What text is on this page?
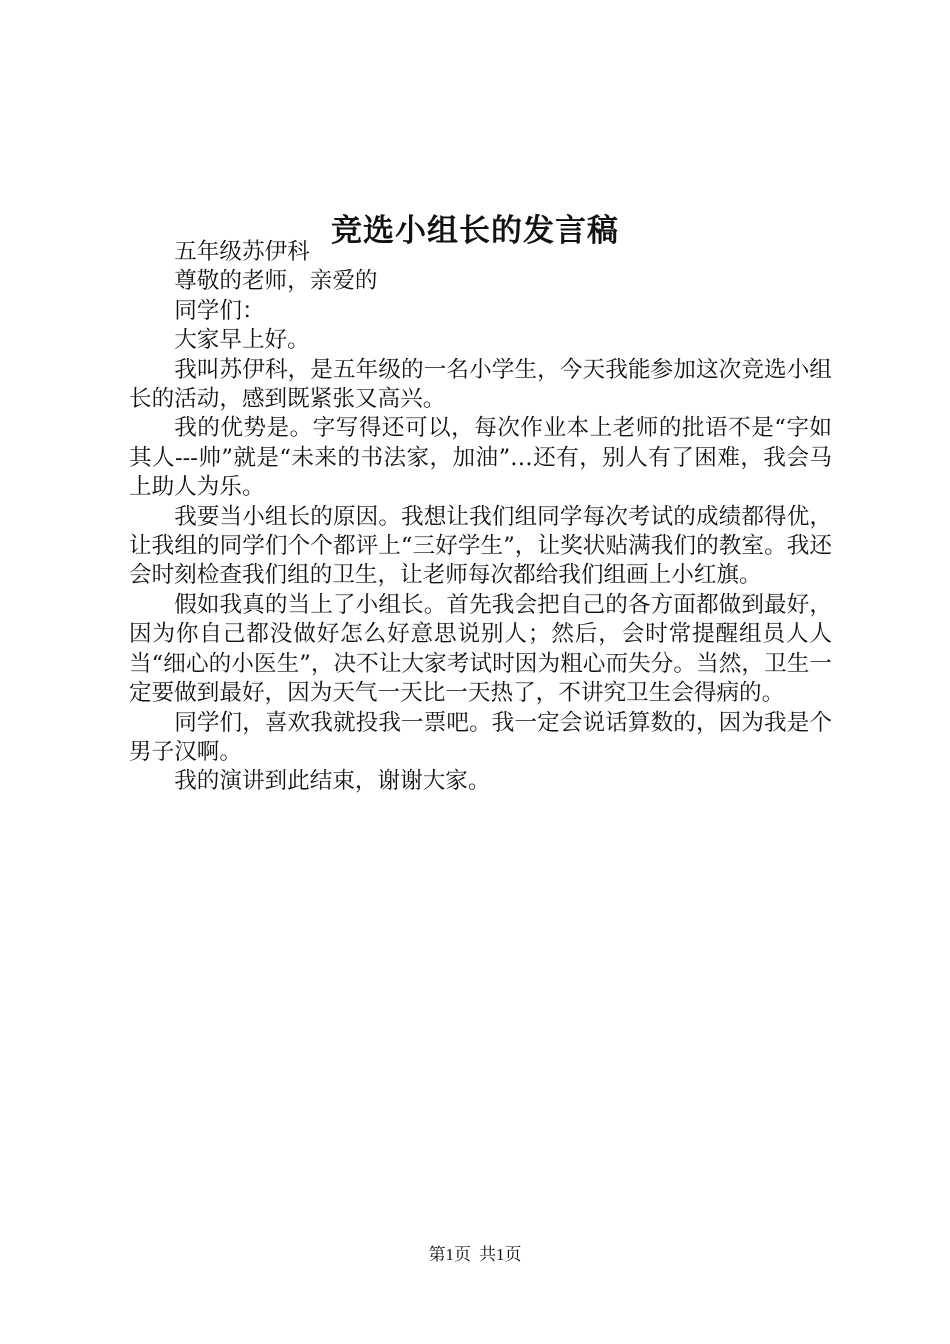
竞选小组长的发言稿

五年级苏伊科

尊敬的老师，亲爱的

同学们：

大家早上好。

我叫苏伊科，是五年级的一名小学生，今天我能参加这次竞选小组长的活动，感到既紧张又高兴。

我的优势是。字写得还可以，每次作业本上老师的批语不是“字如其人---帅”就是“未来的书法家，加油”…还有，别人有了困难，我会马上助人为乐。

我要当小组长的原因。我想让我们组同学每次考试的成绩都得优，让我组的同学们个个都评上“三好学生”，让奖状贴满我们的教室。我还会时刻检查我们组的卫生，让老师每次都给我们组画上小红旗。

假如我真的当上了小组长。首先我会把自己的各方面都做到最好，因为你自己都没做好怎么好意思说别人；然后，会时常提醒组员人人当“细心的小医生”，决不让大家考试时因为粗心而失分。当然，卫生一定要做到最好，因为天气一天比一天热了，不讲究卫生会得病的。

同学们，喜欢我就投我一票吧。我一定会说话算数的，因为我是个男子汉啊。

我的演讲到此结束，谢谢大家。

第1页 共1页
